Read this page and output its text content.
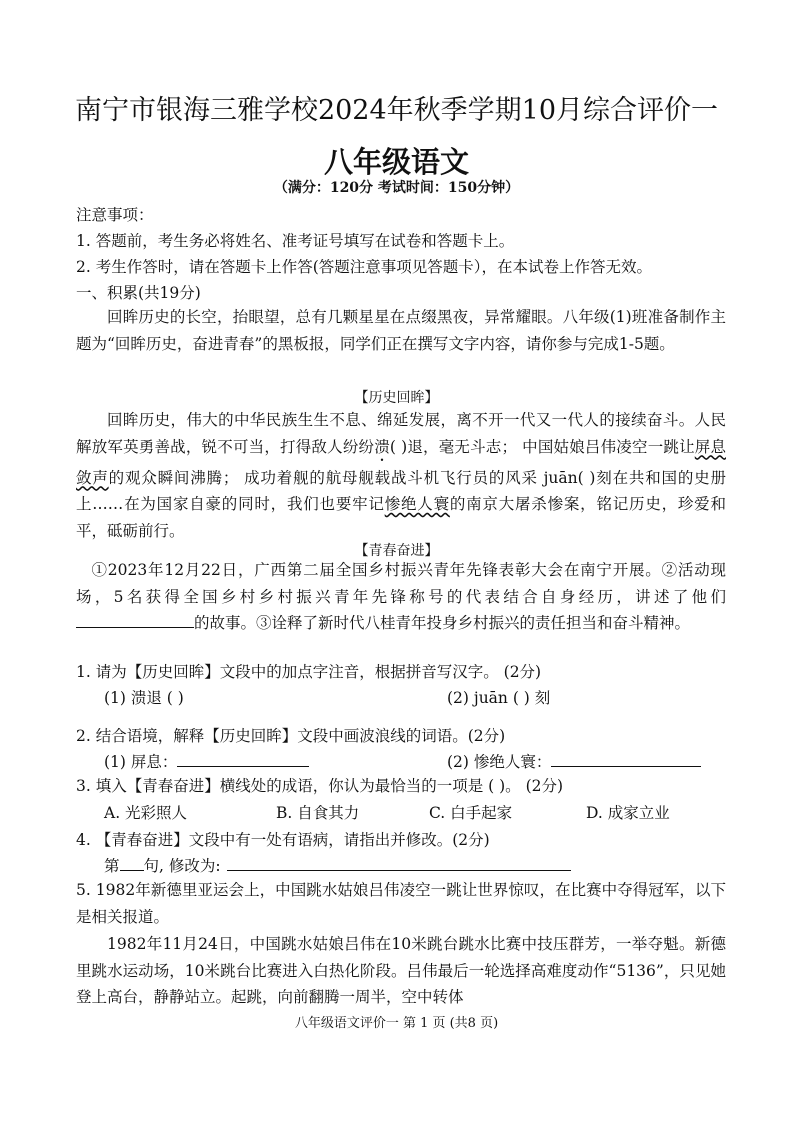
南宁市银海三雅学校2024年秋季学期10月综合评价一
八年级语文
（满分：120分 考试时间：150分钟）
注意事项：
1. 答题前，考生务必将姓名、准考证号填写在试卷和答题卡上。
2. 考生作答时，请在答题卡上作答(答题注意事项见答题卡），在本试卷上作答无效。
一、积累(共19分)
回眸历史的长空，抬眼望，总有几颗星星在点缀黑夜，异常耀眼。八年级(1)班准备制作主题为“回眸历史，奋进青春”的黑板报，同学们正在撰写文字内容，请你参与完成1-5题。
【历史回眸】
回眸历史，伟大的中华民族生生不息、绵延发展，离不开一代又一代人的接续奋斗。人民解放军英勇善战，锐不可当，打得敌人纷纷溃( )退，毫无斗志； 中国姑娘吕伟凌空一跳让屏息敛声的观众瞬间沸腾； 成功着舰的航母舰载战斗机飞行员的风采 juān( )刻在共和国的史册上……在为国家自豪的同时，我们也要牢记惨绝人寰的南京大屠杀惨案，铭记历史，珍爱和平，砥砺前行。
【青春奋进】
①2023年12月22日，广西第二届全国乡村振兴青年先锋表彰大会在南宁开展。②活动现场，5名获得全国乡村乡村振兴青年先锋称号的代表结合自身经历，讲述了他们的故事。③诠释了新时代八桂青年投身乡村振兴的责任担当和奋斗精神。
1. 请为【历史回眸】文段中的加点字注音，根据拼音写汉字。 (2分)
(1) 溃退 ( )	(2) juān ( ) 刻
2. 结合语境，解释【历史回眸】文段中画波浪线的词语。(2分)
(1) 屏息：	(2) 惨绝人寰：
3. 填入【青春奋进】横线处的成语，你认为最恰当的一项是 ( )。 (2分)
A. 光彩照人	B. 自食其力	C. 白手起家	D. 成家立业
4. 【青春奋进】文段中有一处有语病，请指出并修改。(2分)
第 句, 修改为:
5. 1982年新德里亚运会上，中国跳水姑娘吕伟凌空一跳让世界惊叹，在比赛中夺得冠军，以下是相关报道。
1982年11月24日，中国跳水姑娘吕伟在10米跳台跳水比赛中技压群芳，一举夺魁。新德里跳水运动场，10米跳台比赛进入白热化阶段。吕伟最后一轮选择高难度动作“5136”，只见她登上高台，静静站立。起跳，向前翻腾一周半，空中转体
八年级语文评价一 第 1 页 (共8 页)
